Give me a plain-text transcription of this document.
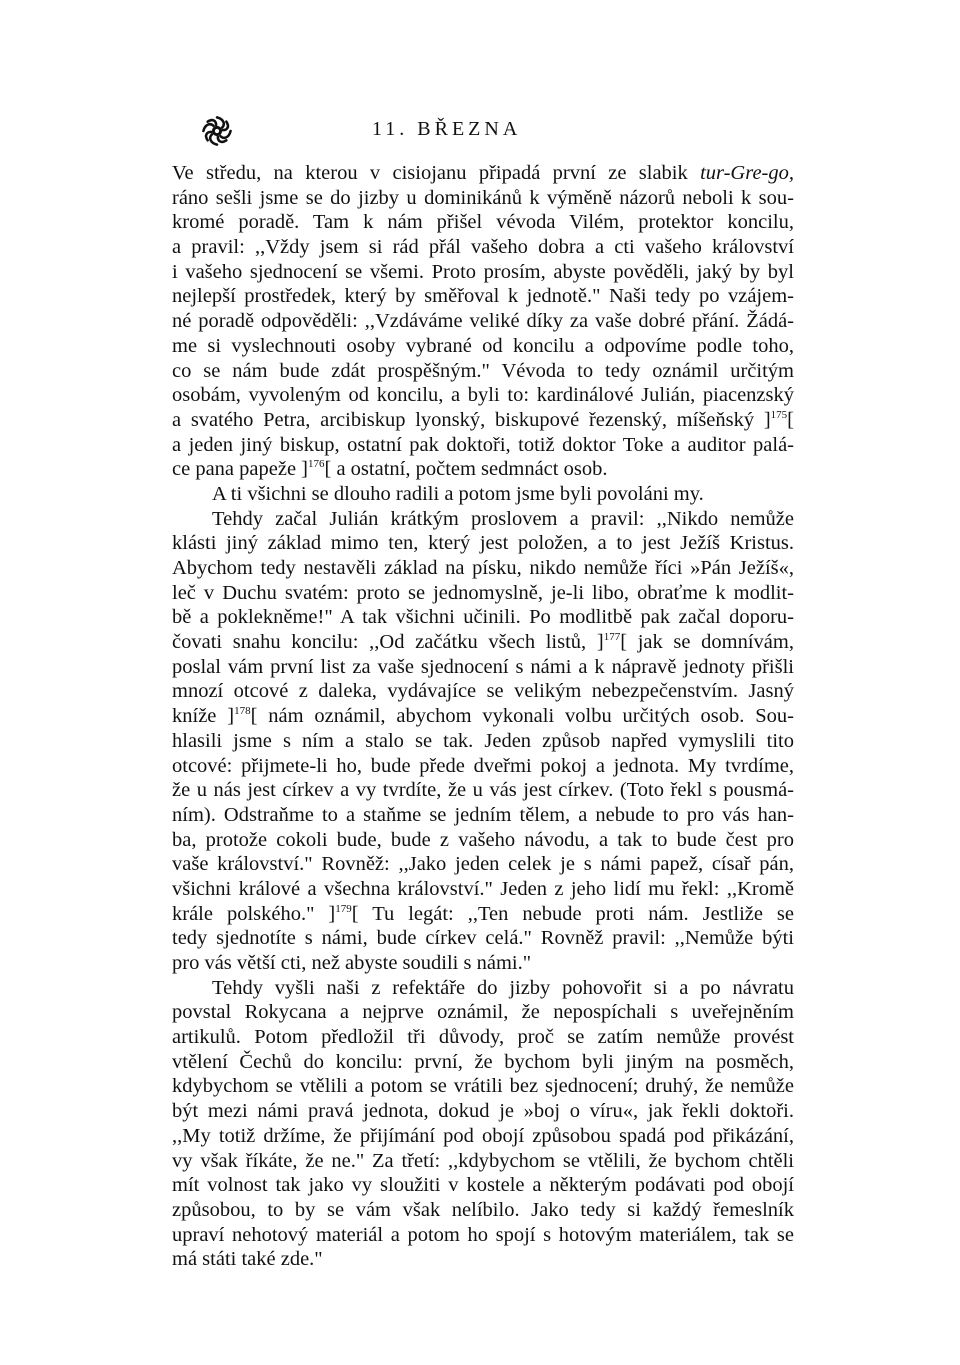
11. BŘEZNA
Ve středu, na kterou v cisiojanu připadá první ze slabik tur-Gre-go,
ráno sešli jsme se do jizby u dominikánů k výměně názorů neboli k sou-
kromé poradě. Tam k nám přišel vévoda Vilém, protektor koncilu,
a pravil: ,,Vždy jsem si rád přál vašeho dobra a cti vašeho království
i vašeho sjednocení se všemi. Proto prosím, abyste pověděli, jaký by byl
nejlepší prostředek, který by směřoval k jednotě." Naši tedy po vzájem-
né poradě odpověděli: ,,Vzdáváme veliké díky za vaše dobré přání. Žádá-
me si vyslechnouti osoby vybrané od koncilu a odpovíme podle toho,
co se nám bude zdát prospěšným." Vévoda to tedy oznámil určitým
osobám, vyvoleným od koncilu, a byli to: kardinálové Julián, piacenzský
a svatého Petra, arcibiskup lyonský, biskupové řezenský, míšeňský ]$^{175}$[
a jeden jiný biskup, ostatní pak doktoři, totiž doktor Toke a auditor palá-
ce pana papeže ]$^{176}$[ a ostatní, počtem sedmnáct osob.
A ti všichni se dlouho radili a potom jsme byli povoláni my.
Tehdy začal Julián krátkým proslovem a pravil: ,,Nikdo nemůže
klásti jiný základ mimo ten, který jest položen, a to jest Ježíš Kristus.
Abychom tedy nestavěli základ na písku, nikdo nemůže říci »Pán Ježíš«,
leč v Duchu svatém: proto se jednomyslně, je-li libo, obraťme k modlit-
bě a poklekněme!" A tak všichni učinili. Po modlitbě pak začal doporu-
čovati snahu koncilu: ,,Od začátku všech listů, ]$^{177}$[ jak se domnívám,
poslal vám první list za vaše sjednocení s námi a k nápravě jednoty přišli
mnozí otcové z daleka, vydávajíce se velikým nebezpečenstvím. Jasný
kníže ]$^{178}$[ nám oznámil, abychom vykonali volbu určitých osob. Sou-
hlasili jsme s ním a stalo se tak. Jeden způsob napřed vymyslili tito
otcové: přijmete-li ho, bude přede dveřmi pokoj a jednota. My tvrdíme,
že u nás jest církev a vy tvrdíte, že u vás jest církev. (Toto řekl s pousmá-
ním). Odstraňme to a staňme se jedním tělem, a nebude to pro vás han-
ba, protože cokoli bude, bude z vašeho návodu, a tak to bude čest pro
vaše království." Rovněž: ,,Jako jeden celek je s námi papež, císař pán,
všichni králové a všechna království." Jeden z jeho lidí mu řekl: ,,Kromě
krále polského." ]$^{179}$[ Tu legát: ,,Ten nebude proti nám. Jestliže se
tedy sjednotíte s námi, bude církev celá." Rovněž pravil: ,,Nemůže býti
pro vás větší cti, než abyste soudili s námi."
Tehdy vyšli naši z refektáře do jizby pohovořit si a po návratu
povstal Rokycana a nejprve oznámil, že nepospíchali s uveřejněním
artikulů. Potom předložil tři důvody, proč se zatím nemůže provést
vtělení Čechů do koncilu: první, že bychom byli jiným na posměch,
kdybychom se vtělili a potom se vrátili bez sjednocení; druhý, že nemůže
být mezi námi pravá jednota, dokud je »boj o víru«, jak řekli doktoři.
,,My totiž držíme, že přijímání pod obojí způsobou spadá pod přikázání,
vy však říkáte, že ne." Za třetí: ,,kdybychom se vtělili, že bychom chtěli
mít volnost tak jako vy sloužiti v kostele a některým podávati pod obojí
způsobou, to by se vám však nelíbilo. Jako tedy si každý řemeslník
upraví nehotový materiál a potom ho spojí s hotovým materiálem, tak se
má státi také zde."
